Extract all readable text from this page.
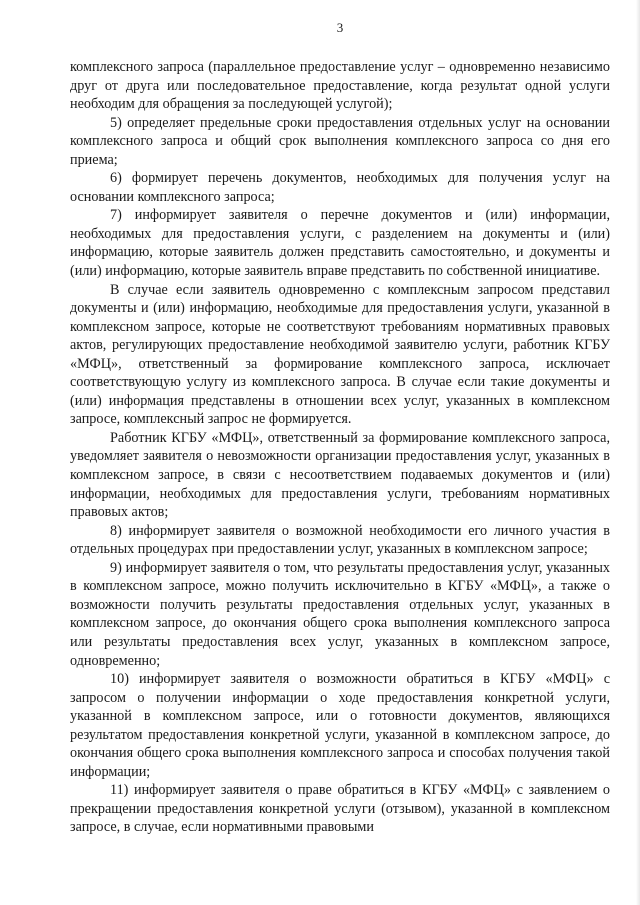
3

комплексного запроса (параллельное предоставление услуг – одновременно независимо друг от друга или последовательное предоставление, когда результат одной услуги необходим для обращения за последующей услугой);

5) определяет предельные сроки предоставления отдельных услуг на основании комплексного запроса и общий срок выполнения комплексного запроса со дня его приема;

6) формирует перечень документов, необходимых для получения услуг на основании комплексного запроса;

7) информирует заявителя о перечне документов и (или) информации, необходимых для предоставления услуги, с разделением на документы и (или) информацию, которые заявитель должен представить самостоятельно, и документы и (или) информацию, которые заявитель вправе представить по собственной инициативе.

В случае если заявитель одновременно с комплексным запросом представил документы и (или) информацию, необходимые для предоставления услуги, указанной в комплексном запросе, которые не соответствуют требованиям нормативных правовых актов, регулирующих предоставление необходимой заявителю услуги, работник КГБУ «МФЦ», ответственный за формирование комплексного запроса, исключает соответствующую услугу из комплексного запроса. В случае если такие документы и (или) информация представлены в отношении всех услуг, указанных в комплексном запросе, комплексный запрос не формируется.

Работник КГБУ «МФЦ», ответственный за формирование комплексного запроса, уведомляет заявителя о невозможности организации предоставления услуг, указанных в комплексном запросе, в связи с несоответствием подаваемых документов и (или) информации, необходимых для предоставления услуги, требованиям нормативных правовых актов;

8) информирует заявителя о возможной необходимости его личного участия в отдельных процедурах при предоставлении услуг, указанных в комплексном запросе;

9) информирует заявителя о том, что результаты предоставления услуг, указанных в комплексном запросе, можно получить исключительно в КГБУ «МФЦ», а также о возможности получить результаты предоставления отдельных услуг, указанных в комплексном запросе, до окончания общего срока выполнения комплексного запроса или результаты предоставления всех услуг, указанных в комплексном запросе, одновременно;

10) информирует заявителя о возможности обратиться в КГБУ «МФЦ» с запросом о получении информации о ходе предоставления конкретной услуги, указанной в комплексном запросе, или о готовности документов, являющихся результатом предоставления конкретной услуги, указанной в комплексном запросе, до окончания общего срока выполнения комплексного запроса и способах получения такой информации;

11) информирует заявителя о праве обратиться в КГБУ «МФЦ» с заявлением о прекращении предоставления конкретной услуги (отзывом), указанной в комплексном запросе, в случае, если нормативными правовыми
